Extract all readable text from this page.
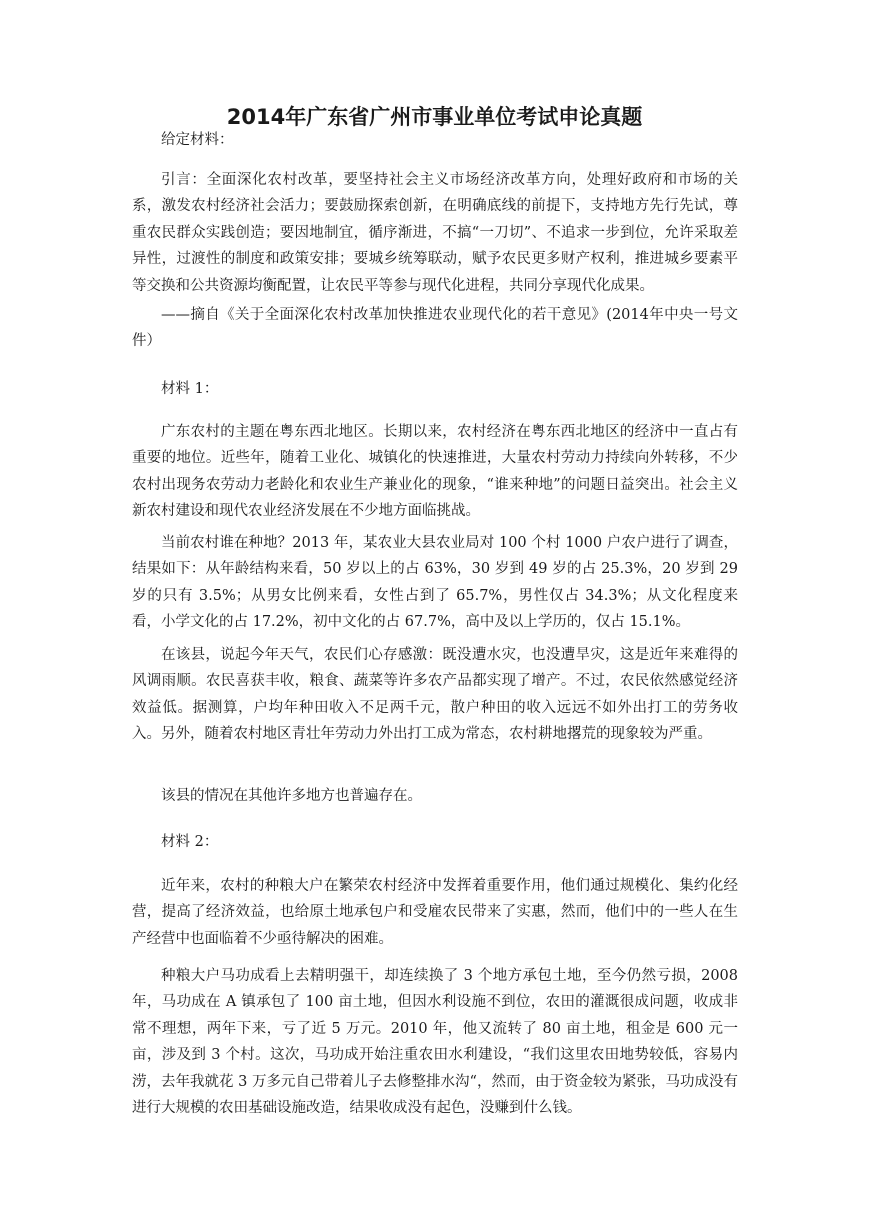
2014年广东省广州市事业单位考试申论真题

给定材料：

引言：全面深化农村改革，要坚持社会主义市场经济改革方向，处理好政府和市场的关系，激发农村经济社会活力；要鼓励探索创新，在明确底线的前提下，支持地方先行先试，尊重农民群众实践创造；要因地制宜，循序渐进，不搞“一刀切”、不追求一步到位，允许采取差异性，过渡性的制度和政策安排；要城乡统筹联动，赋予农民更多财产权利，推进城乡要素平等交换和公共资源均衡配置，让农民平等参与现代化进程，共同分享现代化成果。

——摘自《关于全面深化农村改革加快推进农业现代化的若干意见》(2014年中央一号文件）

材料 1：

广东农村的主题在粤东西北地区。长期以来，农村经济在粤东西北地区的经济中一直占有重要的地位。近些年，随着工业化、城镇化的快速推进，大量农村劳动力持续向外转移，不少农村出现务农劳动力老龄化和农业生产兼业化的现象，“谁来种地”的问题日益突出。社会主义新农村建设和现代农业经济发展在不少地方面临挑战。

当前农村谁在种地？2013 年，某农业大县农业局对 100 个村 1000 户农户进行了调查，结果如下：从年龄结构来看，50 岁以上的占 63%，30 岁到 49 岁的占 25.3%，20 岁到 29 岁的只有 3.5%；从男女比例来看，女性占到了 65.7%，男性仅占 34.3%；从文化程度来看，小学文化的占 17.2%，初中文化的占 67.7%，高中及以上学历的，仅占 15.1%。

在该县，说起今年天气，农民们心存感激：既没遭水灾，也没遭旱灾，这是近年来难得的风调雨顺。农民喜获丰收，粮食、蔬菜等许多农产品都实现了增产。不过，农民依然感觉经济效益低。据测算，户均年种田收入不足两千元，散户种田的收入远远不如外出打工的劳务收入。另外，随着农村地区青壮年劳动力外出打工成为常态，农村耕地撂荒的现象较为严重。

该县的情况在其他许多地方也普遍存在。

材料 2：

近年来，农村的种粮大户在繁荣农村经济中发挥着重要作用，他们通过规模化、集约化经营，提高了经济效益，也给原土地承包户和受雇农民带来了实惠，然而，他们中的一些人在生产经营中也面临着不少亟待解决的困难。

种粮大户马功成看上去精明强干，却连续换了 3 个地方承包土地，至今仍然亏损，2008 年，马功成在 A 镇承包了 100 亩土地，但因水利设施不到位，农田的灌溉很成问题，收成非常不理想，两年下来，亏了近 5 万元。2010 年，他又流转了 80 亩土地，租金是 600 元一亩，涉及到 3 个村。这次，马功成开始注重农田水利建设，“我们这里农田地势较低，容易内涝，去年我就花 3 万多元自己带着儿子去修整排水沟“，然而，由于资金较为紧张，马功成没有进行大规模的农田基础设施改造，结果收成没有起色，没赚到什么钱。
